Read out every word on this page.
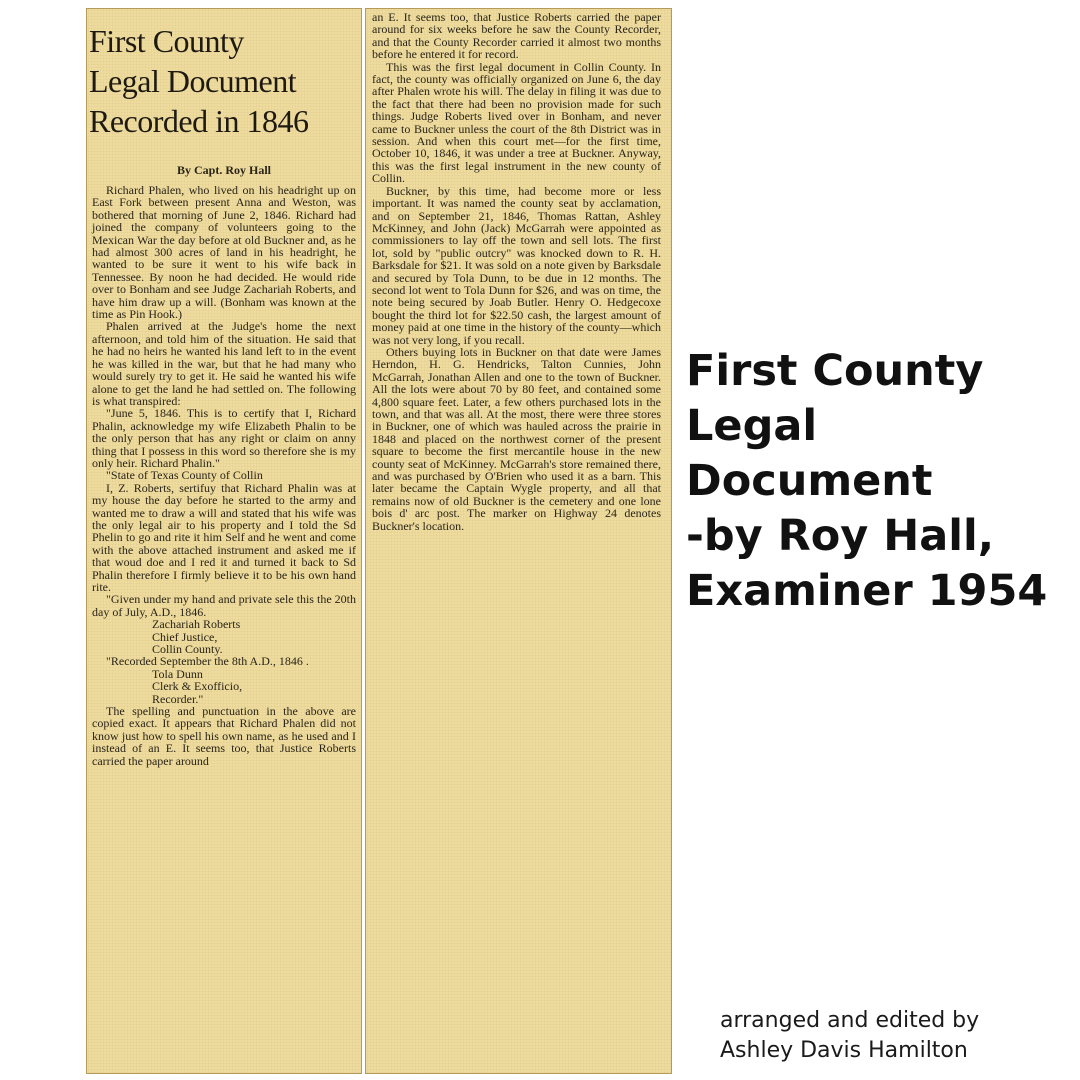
First County
Legal Document
Recorded in 1846
By Capt. Roy Hall

Richard Phalen, who lived on his headright up on East Fork between present Anna and Weston, was bothered that morning of June 2, 1846. Richard had joined the company of volunteers going to the Mexican War the day before at old Buckner and, as he had almost 300 acres of land in his headright, he wanted to be sure it went to his wife back in Tennessee. By noon he had decided. He would ride over to Bonham and see Judge Zachariah Roberts, and have him draw up a will. (Bonham was known at the time as Pin Hook.)

Phalen arrived at the Judge's home the next afternoon, and told him of the situation. He said that he had no heirs he wanted his land left to in the event he was killed in the war, but that he had many who would surely try to get it. He said he wanted his wife alone to get the land he had settled on. The following is what transpired:

"June 5, 1846. This is to certify that I, Richard Phalin, acknowledge my wife Elizabeth Phalin to be the only person that has any right or claim on anny thing that I possess in this word so therefore she is my only heir. Richard Phalin."

"State of Texas County of Collin

I, Z. Roberts, sertifuy that Richard Phalin was at my house the day before he started to the army and wanted me to draw a will and stated that his wife was the only legal air to his property and I told the Sd Phelin to go and rite it him Self and he went and come with the above attached instrument and asked me if that woud doe and I red it and turned it back to Sd Phalin therefore I firmly believe it to be his own hand rite.

"Given under my hand and private sele this the 20th day of July, A.D., 1846.

Zachariah Roberts

Chief Justice,

Collin County.

"Recorded September the 8th A.D., 1846 .

Tola Dunn

Clerk & Exofficio,

Recorder."

The spelling and punctuation in the above are copied exact. It appears that Richard Phalen did not know just how to spell his own name, as he used and I instead of an E. It seems too, that Justice Roberts carried the paper around

an E. It seems too, that Justice Roberts carried the paper around for six weeks before he saw the County Recorder, and that the County Recorder carried it almost two months before he entered it for record.

This was the first legal document in Collin County. In fact, the county was officially organized on June 6, the day after Phalen wrote his will. The delay in filing it was due to the fact that there had been no provision made for such things. Judge Roberts lived over in Bonham, and never came to Buckner unless the court of the 8th District was in session. And when this court met—for the first time, October 10, 1846, it was under a tree at Buckner. Anyway, this was the first legal instrument in the new county of Collin.

Buckner, by this time, had become more or less important. It was named the county seat by acclamation, and on September 21, 1846, Thomas Rattan, Ashley McKinney, and John (Jack) McGarrah were appointed as commissioners to lay off the town and sell lots. The first lot, sold by "public outcry" was knocked down to R. H. Barksdale for $21. It was sold on a note given by Barksdale and secured by Tola Dunn, to be due in 12 months. The second lot went to Tola Dunn for $26, and was on time, the note being secured by Joab Butler. Henry O. Hedgecoxe bought the third lot for $22.50 cash, the largest amount of money paid at one time in the history of the county—which was not very long, if you recall.

Others buying lots in Buckner on that date were James Herndon, H. G. Hendricks, Talton Cunnies, John McGarrah, Jonathan Allen and one to the town of Buckner. All the lots were about 70 by 80 feet, and contained some 4,800 square feet. Later, a few others purchased lots in the town, and that was all. At the most, there were three stores in Buckner, one of which was hauled across the prairie in 1848 and placed on the northwest corner of the present square to become the first mercantile house in the new county seat of McKinney. McGarrah's store remained there, and was purchased by O'Brien who used it as a barn. This later became the Captain Wygle property, and all that remains now of old Buckner is the cemetery and one lone bois d' arc post. The marker on Highway 24 denotes Buckner's location.

First County
Legal
Document
-by Roy Hall,
Examiner 1954
arranged and edited by
Ashley Davis Hamilton
